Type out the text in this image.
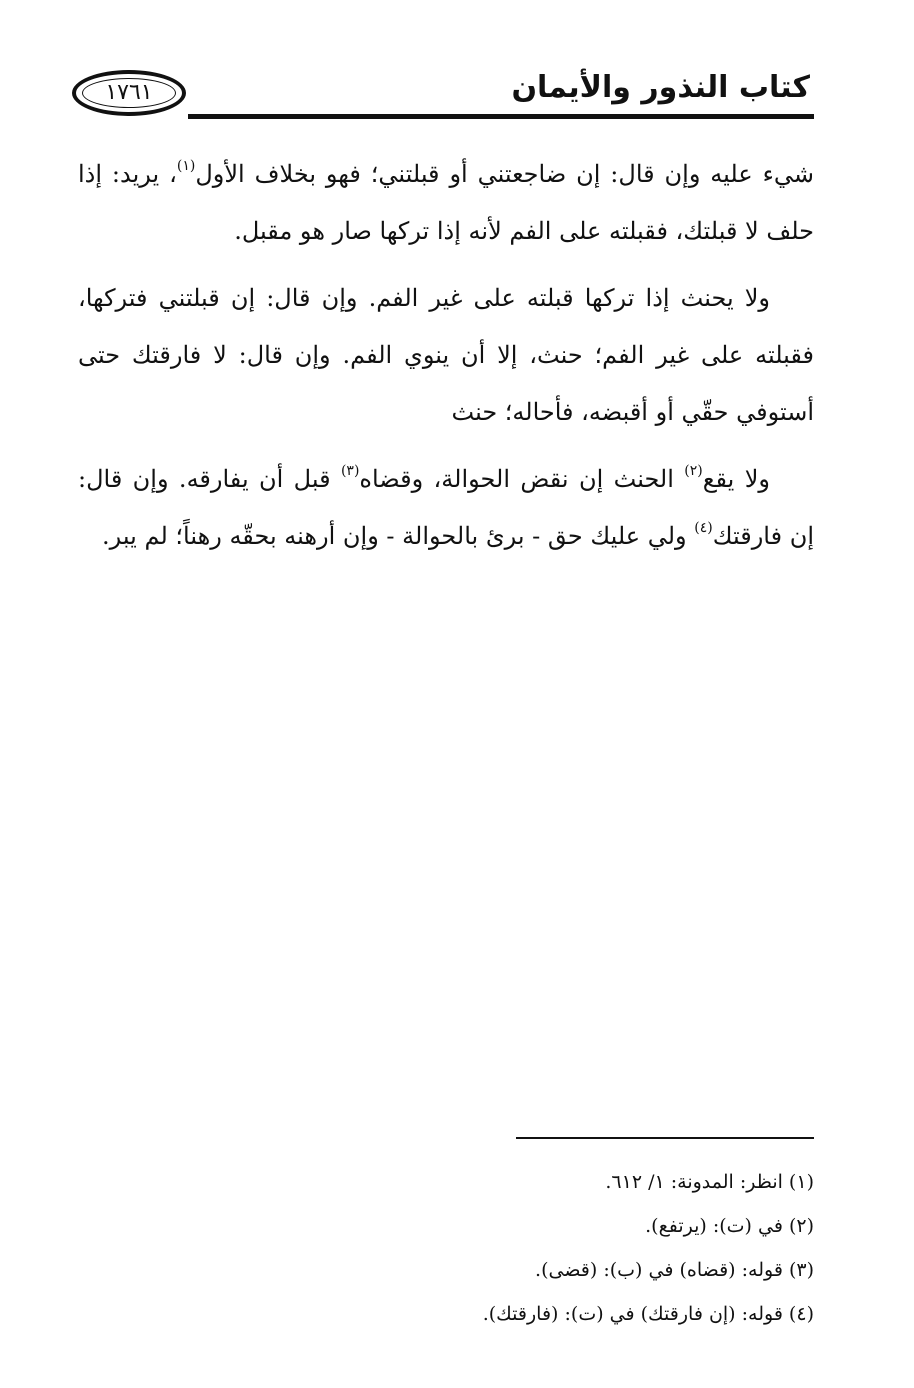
كتاب النذور والأيمان
١٧٦١

شيء عليه وإن قال: إن ضاجعتني أو قبلتني؛ فهو بخلاف الأول$^{(١)}$، يريد: إذا حلف لا قبلتك، فقبلته على الفم لأنه إذا تركها صار هو مقبل.

ولا يحنث إذا تركها قبلته على غير الفم. وإن قال: إن قبلتني فتركها، فقبلته على غير الفم؛ حنث، إلا أن ينوي الفم. وإن قال: لا فارقتك حتى أستوفي حقّي أو أقبضه، فأحاله؛ حنث

ولا يقع$^{(٢)}$ الحنث إن نقض الحوالة، وقضاه$^{(٣)}$ قبل أن يفارقه. وإن قال: إن فارقتك$^{(٤)}$ ولي عليك حق - برئ بالحوالة - وإن أرهنه بحقّه رهناً؛ لم يبر.

(١) انظر: المدونة: ١/ ٦١٢.
(٢) في (ت): (يرتفع).
(٣) قوله: (قضاه) في (ب): (قضى).
(٤) قوله: (إن فارقتك) في (ت): (فارقتك).
